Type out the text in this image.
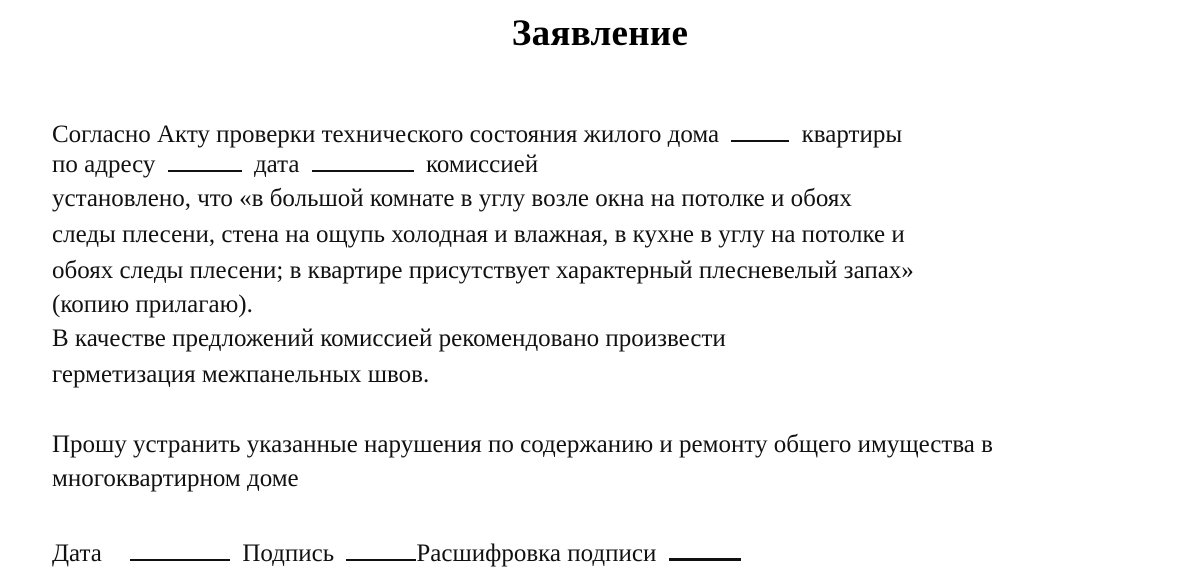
Заявление
Согласно Акту проверки технического состояния жилого дома	квартиры
по адресу	дата	комиссией
установлено, что «в большой комнате в углу возле окна на потолке и обоях
следы плесени, стена на ощупь холодная и влажная, в кухне в углу на потолке и
обоях следы плесени; в квартире присутствует характерный плесневелый запах»
(копию прилагаю).
В качестве предложений комиссией рекомендовано произвести
герметизация межпанельных швов.
Прошу устранить указанные нарушения по содержанию и ремонту общего имущества в
многоквартирном доме
Дата	Подпись	Расшифровка подписи
